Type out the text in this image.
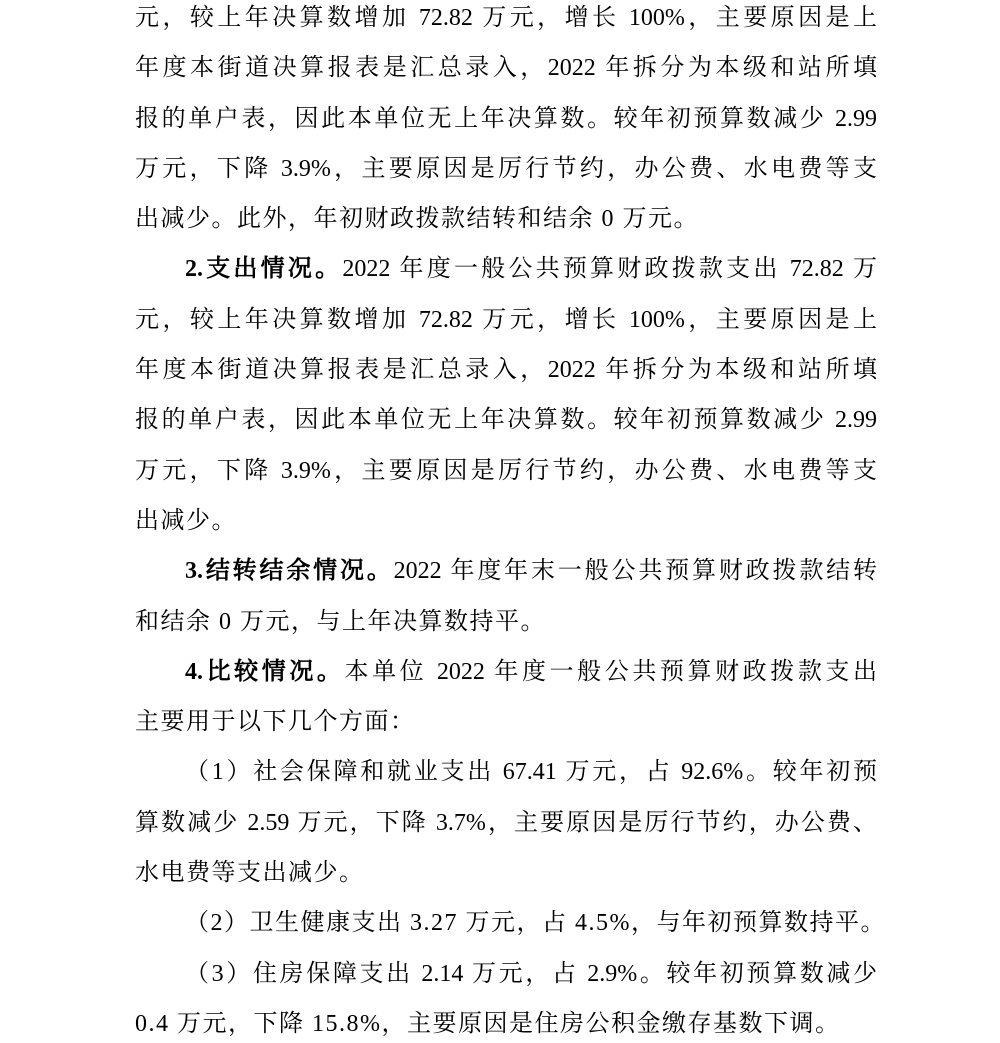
元，较上年决算数增加 72.82 万元，增长 100%，主要原因是上
年度本街道决算报表是汇总录入，2022 年拆分为本级和站所填
报的单户表，因此本单位无上年决算数。较年初预算数减少 2.99
万元，下降 3.9%，主要原因是厉行节约，办公费、水电费等支
出减少。此外，年初财政拨款结转和结余 0 万元。
2.支出情况。2022 年度一般公共预算财政拨款支出 72.82 万
元，较上年决算数增加 72.82 万元，增长 100%，主要原因是上
年度本街道决算报表是汇总录入，2022 年拆分为本级和站所填
报的单户表，因此本单位无上年决算数。较年初预算数减少 2.99
万元，下降 3.9%，主要原因是厉行节约，办公费、水电费等支
出减少。
3.结转结余情况。2022 年度年末一般公共预算财政拨款结转
和结余 0 万元，与上年决算数持平。
4.比较情况。本单位 2022 年度一般公共预算财政拨款支出
主要用于以下几个方面：
（1）社会保障和就业支出 67.41 万元，占 92.6%。较年初预
算数减少 2.59 万元，下降 3.7%，主要原因是厉行节约，办公费、
水电费等支出减少。
（2）卫生健康支出 3.27 万元，占 4.5%，与年初预算数持平。
（3）住房保障支出 2.14 万元，占 2.9%。较年初预算数减少
0.4 万元，下降 15.8%，主要原因是住房公积金缴存基数下调。
